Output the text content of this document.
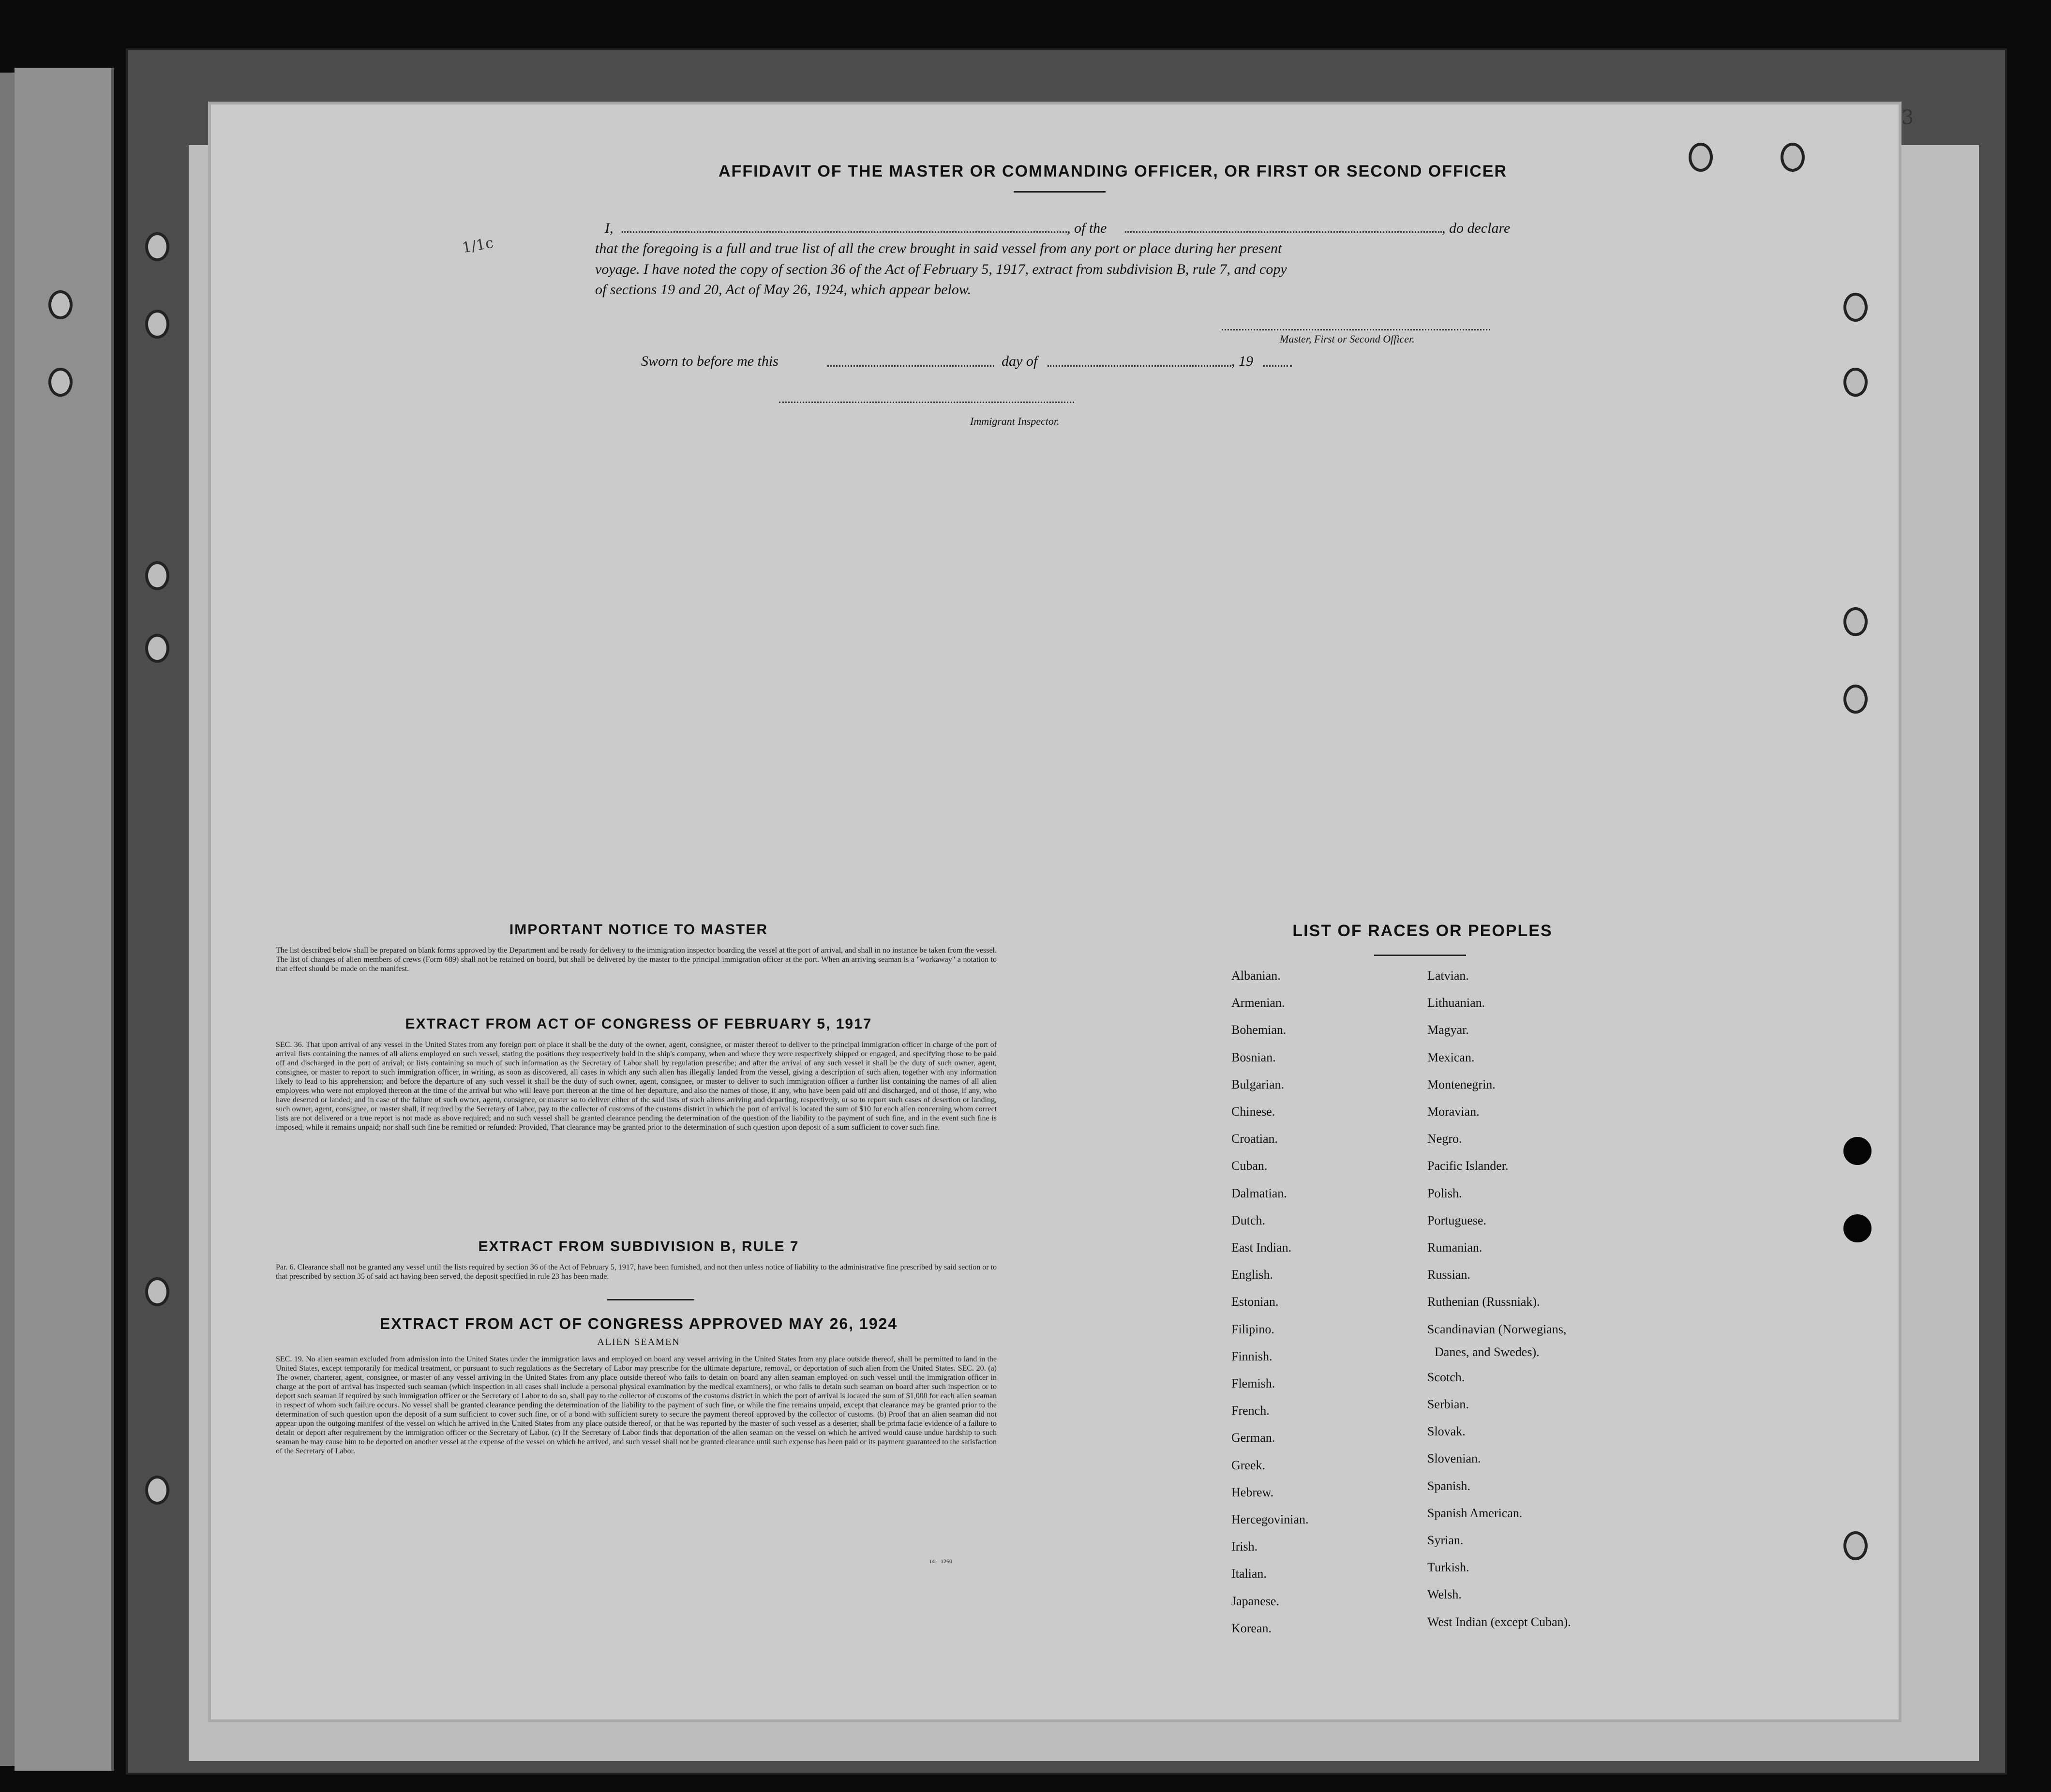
3
1/1c
AFFIDAVIT OF THE MASTER OR COMMANDING OFFICER, OR FIRST OR SECOND OFFICER
I,	, of the	, do declare
that the foregoing is a full and true list of all the crew brought in said vessel from any port or place during her present
voyage. I have noted the copy of section 36 of the Act of February 5, 1917, extract from subdivision B, rule 7, and copy
of sections 19 and 20, Act of May 26, 1924, which appear below.
Master, First or Second Officer.
Sworn to before me this	day of	, 19
Immigrant Inspector.
IMPORTANT NOTICE TO MASTER
The list described below shall be prepared on blank forms approved by the Department and be ready for delivery to the immigration inspector boarding the vessel at the port of arrival, and shall in no instance be taken from the vessel. The list of changes of alien members of crews (Form 689) shall not be retained on board, but shall be delivered by the master to the principal immigration officer at the port. When an arriving seaman is a "workaway" a notation to that effect should be made on the manifest.
EXTRACT FROM ACT OF CONGRESS OF FEBRUARY 5, 1917
SEC. 36. That upon arrival of any vessel in the United States from any foreign port or place it shall be the duty of the owner, agent, consignee, or master thereof to deliver to the principal immigration officer in charge of the port of arrival lists containing the names of all aliens employed on such vessel, stating the positions they respectively hold in the ship's company, when and where they were respectively shipped or engaged, and specifying those to be paid off and discharged in the port of arrival; or lists containing so much of such information as the Secretary of Labor shall by regulation prescribe; and after the arrival of any such vessel it shall be the duty of such owner, agent, consignee, or master to report to such immigration officer, in writing, as soon as discovered, all cases in which any such alien has illegally landed from the vessel, giving a description of such alien, together with any information likely to lead to his apprehension; and before the departure of any such vessel it shall be the duty of such owner, agent, consignee, or master to deliver to such immigration officer a further list containing the names of all alien employees who were not employed thereon at the time of the arrival but who will leave port thereon at the time of her departure, and also the names of those, if any, who have been paid off and discharged, and of those, if any, who have deserted or landed; and in case of the failure of such owner, agent, consignee, or master so to deliver either of the said lists of such aliens arriving and departing, respectively, or so to report such cases of desertion or landing, such owner, agent, consignee, or master shall, if required by the Secretary of Labor, pay to the collector of customs of the customs district in which the port of arrival is located the sum of $10 for each alien concerning whom correct lists are not delivered or a true report is not made as above required; and no such vessel shall be granted clearance pending the determination of the question of the liability to the payment of such fine, and in the event such fine is imposed, while it remains unpaid; nor shall such fine be remitted or refunded: Provided, That clearance may be granted prior to the determination of such question upon deposit of a sum sufficient to cover such fine.
EXTRACT FROM SUBDIVISION B, RULE 7
Par. 6. Clearance shall not be granted any vessel until the lists required by section 36 of the Act of February 5, 1917, have been furnished, and not then unless notice of liability to the administrative fine prescribed by said section or to that prescribed by section 35 of said act having been served, the deposit specified in rule 23 has been made.
EXTRACT FROM ACT OF CONGRESS APPROVED MAY 26, 1924
ALIEN SEAMEN
SEC. 19. No alien seaman excluded from admission into the United States under the immigration laws and employed on board any vessel arriving in the United States from any place outside thereof, shall be permitted to land in the United States, except temporarily for medical treatment, or pursuant to such regulations as the Secretary of Labor may prescribe for the ultimate departure, removal, or deportation of such alien from the United States. SEC. 20. (a) The owner, charterer, agent, consignee, or master of any vessel arriving in the United States from any place outside thereof who fails to detain on board any alien seaman employed on such vessel until the immigration officer in charge at the port of arrival has inspected such seaman (which inspection in all cases shall include a personal physical examination by the medical examiners), or who fails to detain such seaman on board after such inspection or to deport such seaman if required by such immigration officer or the Secretary of Labor to do so, shall pay to the collector of customs of the customs district in which the port of arrival is located the sum of $1,000 for each alien seaman in respect of whom such failure occurs. No vessel shall be granted clearance pending the determination of the liability to the payment of such fine, or while the fine remains unpaid, except that clearance may be granted prior to the determination of such question upon the deposit of a sum sufficient to cover such fine, or of a bond with sufficient surety to secure the payment thereof approved by the collector of customs. (b) Proof that an alien seaman did not appear upon the outgoing manifest of the vessel on which he arrived in the United States from any place outside thereof, or that he was reported by the master of such vessel as a deserter, shall be prima facie evidence of a failure to detain or deport after requirement by the immigration officer or the Secretary of Labor. (c) If the Secretary of Labor finds that deportation of the alien seaman on the vessel on which he arrived would cause undue hardship to such seaman he may cause him to be deported on another vessel at the expense of the vessel on which he arrived, and such vessel shall not be granted clearance until such expense has been paid or its payment guaranteed to the satisfaction of the Secretary of Labor.
14—1260
LIST OF RACES OR PEOPLES
Albanian.
Armenian.
Bohemian.
Bosnian.
Bulgarian.
Chinese.
Croatian.
Cuban.
Dalmatian.
Dutch.
East Indian.
English.
Estonian.
Filipino.
Finnish.
Flemish.
French.
German.
Greek.
Hebrew.
Hercegovinian.
Irish.
Italian.
Japanese.
Korean.
Latvian.
Lithuanian.
Magyar.
Mexican.
Montenegrin.
Moravian.
Negro.
Pacific Islander.
Polish.
Portuguese.
Rumanian.
Russian.
Ruthenian (Russniak).
Scandinavian (Norwegians,
Scotch.
Serbian.
Slovak.
Slovenian.
Spanish.
Spanish American.
Syrian.
Turkish.
Welsh.
West Indian (except Cuban).
Danes, and Swedes).
